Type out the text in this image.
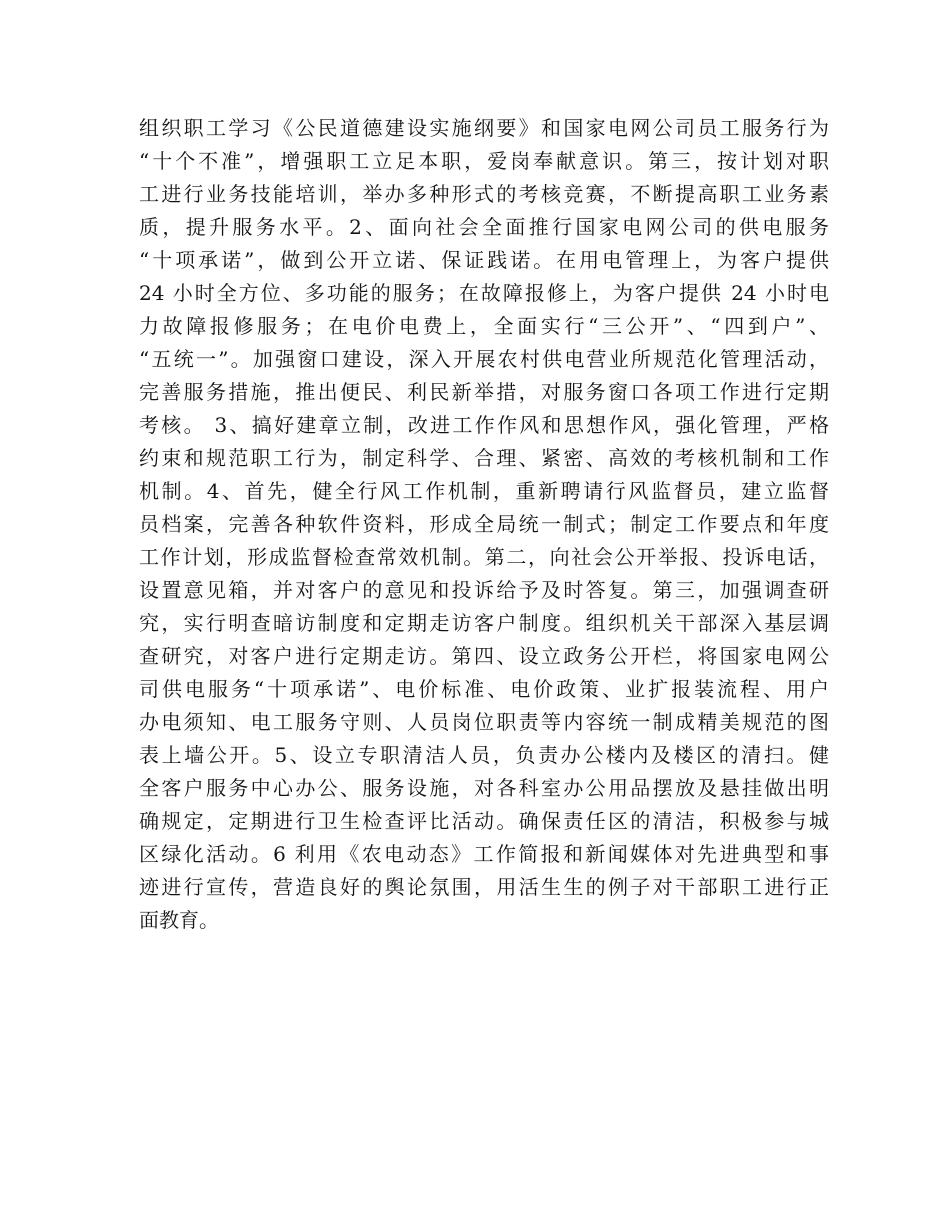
组织职工学习《公民道德建设实施纲要》和国家电网公司员工服务行为
“十个不准”，增强职工立足本职，爱岗奉献意识。第三，按计划对职
工进行业务技能培训，举办多种形式的考核竞赛，不断提高职工业务素
质，提升服务水平。2、面向社会全面推行国家电网公司的供电服务
“十项承诺”，做到公开立诺、保证践诺。在用电管理上，为客户提供
24 小时全方位、多功能的服务；在故障报修上，为客户提供 24 小时电
力故障报修服务；在电价电费上，全面实行“三公开”、“四到户”、
“五统一”。加强窗口建设，深入开展农村供电营业所规范化管理活动，
完善服务措施，推出便民、利民新举措，对服务窗口各项工作进行定期
考核。 3、搞好建章立制，改进工作作风和思想作风，强化管理，严格
约束和规范职工行为，制定科学、合理、紧密、高效的考核机制和工作
机制。4、首先，健全行风工作机制，重新聘请行风监督员，建立监督
员档案，完善各种软件资料，形成全局统一制式；制定工作要点和年度
工作计划，形成监督检查常效机制。第二，向社会公开举报、投诉电话，
设置意见箱，并对客户的意见和投诉给予及时答复。第三，加强调查研
究，实行明查暗访制度和定期走访客户制度。组织机关干部深入基层调
查研究，对客户进行定期走访。第四、设立政务公开栏，将国家电网公
司供电服务“十项承诺”、电价标准、电价政策、业扩报装流程、用户
办电须知、电工服务守则、人员岗位职责等内容统一制成精美规范的图
表上墙公开。5、设立专职清洁人员，负责办公楼内及楼区的清扫。健
全客户服务中心办公、服务设施，对各科室办公用品摆放及悬挂做出明
确规定，定期进行卫生检查评比活动。确保责任区的清洁，积极参与城
区绿化活动。6 利用《农电动态》工作简报和新闻媒体对先进典型和事
迹进行宣传，营造良好的舆论氛围，用活生生的例子对干部职工进行正
面教育。
